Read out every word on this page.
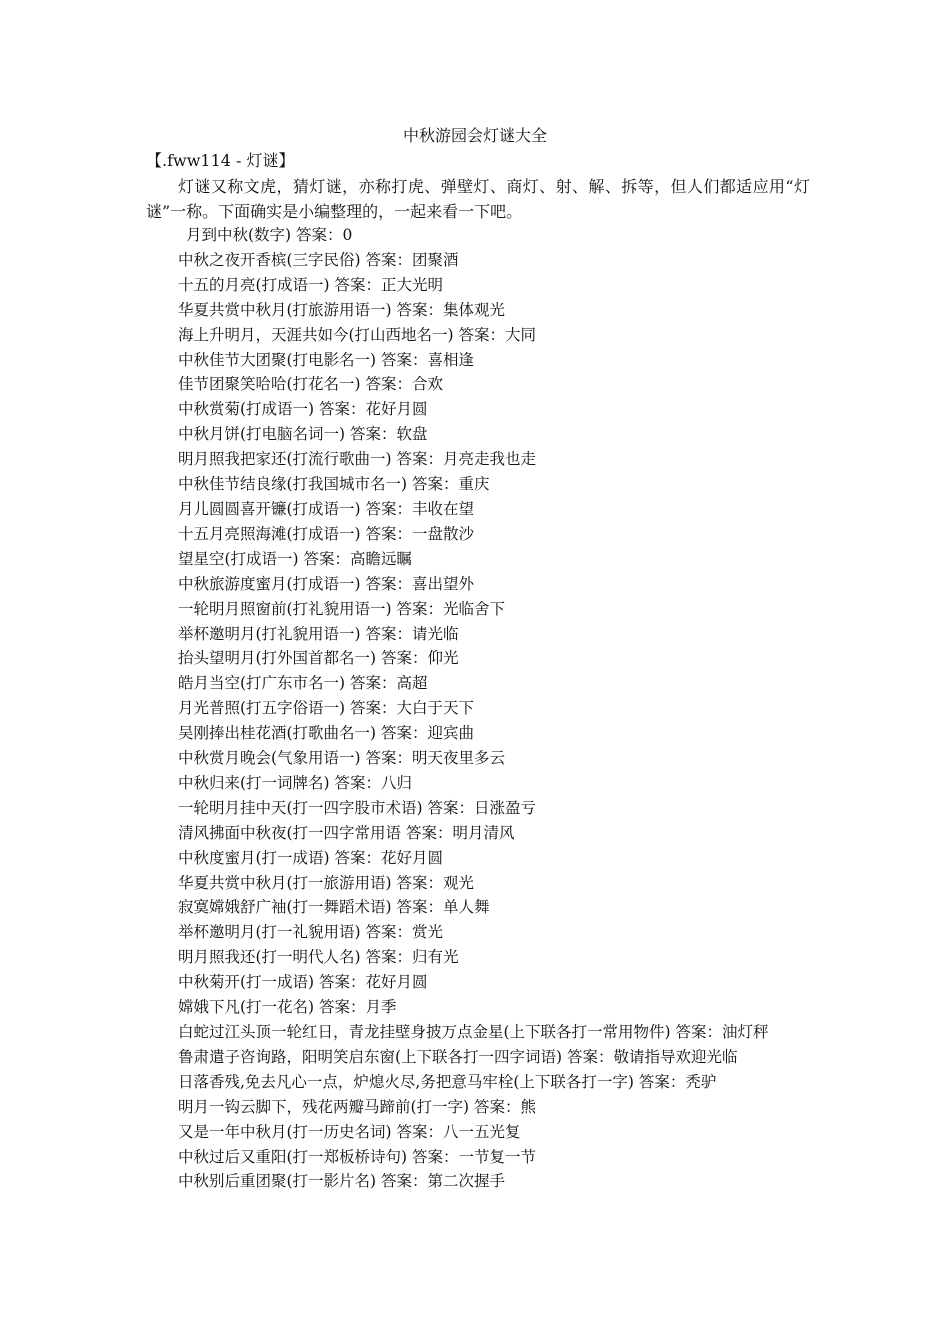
中秋游园会灯谜大全
【.fww114 - 灯谜】
灯谜又称文虎，猜灯谜，亦称打虎、弹壁灯、商灯、射、解、拆等，但人们都适应用“灯谜”一称。下面确实是小编整理的，一起来看一下吧。
月到中秋(数字) 答案：0
中秋之夜开香槟(三字民俗) 答案：团聚酒
十五的月亮(打成语一) 答案：正大光明
华夏共赏中秋月(打旅游用语一) 答案：集体观光
海上升明月，天涯共如今(打山西地名一) 答案：大同
中秋佳节大团聚(打电影名一) 答案：喜相逢
佳节团聚笑哈哈(打花名一) 答案：合欢
中秋赏菊(打成语一) 答案：花好月圆
中秋月饼(打电脑名词一) 答案：软盘
明月照我把家还(打流行歌曲一) 答案：月亮走我也走
中秋佳节结良缘(打我国城市名一) 答案：重庆
月儿圆圆喜开镰(打成语一) 答案：丰收在望
十五月亮照海滩(打成语一) 答案：一盘散沙
望星空(打成语一) 答案：高瞻远瞩
中秋旅游度蜜月(打成语一) 答案：喜出望外
一轮明月照窗前(打礼貌用语一) 答案：光临舍下
举杯邀明月(打礼貌用语一) 答案：请光临
抬头望明月(打外国首都名一) 答案：仰光
皓月当空(打广东市名一) 答案：高超
月光普照(打五字俗语一) 答案：大白于天下
吴刚捧出桂花酒(打歌曲名一) 答案：迎宾曲
中秋赏月晚会(气象用语一) 答案：明天夜里多云
中秋归来(打一词牌名) 答案：八归
一轮明月挂中天(打一四字股市术语) 答案：日涨盈亏
清风拂面中秋夜(打一四字常用语 答案：明月清风
中秋度蜜月(打一成语) 答案：花好月圆
华夏共赏中秋月(打一旅游用语) 答案：观光
寂寞嫦娥舒广袖(打一舞蹈术语) 答案：单人舞
举杯邀明月(打一礼貌用语) 答案：赏光
明月照我还(打一明代人名) 答案：归有光
中秋菊开(打一成语) 答案：花好月圆
嫦娥下凡(打一花名) 答案：月季
白蛇过江头顶一轮红日，青龙挂壁身披万点金星(上下联各打一常用物件) 答案：油灯秤
鲁肃遣子咨询路，阳明笑启东窗(上下联各打一四字词语) 答案：敬请指导欢迎光临
日落香残,免去凡心一点，炉熄火尽,务把意马牢栓(上下联各打一字) 答案：秃驴
明月一钩云脚下，残花两瓣马蹄前(打一字) 答案：熊
又是一年中秋月(打一历史名词) 答案：八一五光复
中秋过后又重阳(打一郑板桥诗句) 答案：一节复一节
中秋别后重团聚(打一影片名) 答案：第二次握手
